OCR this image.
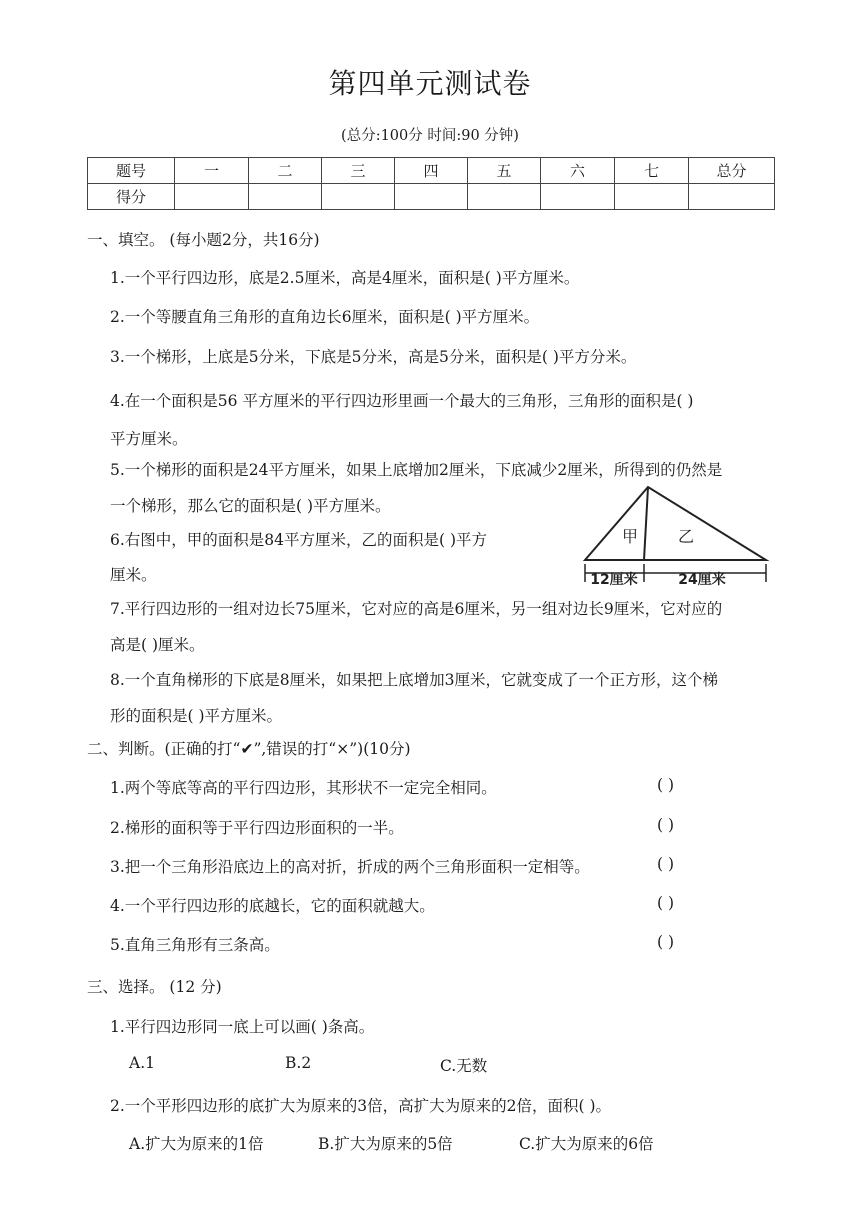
第四单元测试卷
(总分:100分 时间:90 分钟)
题号	一	二	三	四	五	六	七	总分
得分								
一、填空。 (每小题2分，共16分)
1.一个平行四边形，底是2.5厘米，高是4厘米，面积是( )平方厘米。
2.一个等腰直角三角形的直角边长6厘米，面积是( )平方厘米。
3.一个梯形，上底是5分米，下底是5分米，高是5分米，面积是( )平方分米。
4.在一个面积是56 平方厘米的平行四边形里画一个最大的三角形，三角形的面积是( )
平方厘米。
5.一个梯形的面积是24平方厘米，如果上底增加2厘米，下底减少2厘米，所得到的仍然是
一个梯形，那么它的面积是( )平方厘米。
6.右图中，甲的面积是84平方厘米，乙的面积是( )平方
厘米。
甲 乙
12厘米	24厘米
7.平行四边形的一组对边长75厘米，它对应的高是6厘米，另一组对边长9厘米，它对应的
高是( )厘米。
8.一个直角梯形的下底是8厘米，如果把上底增加3厘米，它就变成了一个正方形，这个梯
形的面积是( )平方厘米。
二、判断。(正确的打“✔”,错误的打“×”)(10分)
1.两个等底等高的平行四边形，其形状不一定完全相同。	( )
2.梯形的面积等于平行四边形面积的一半。	( )
3.把一个三角形沿底边上的高对折，折成的两个三角形面积一定相等。	( )
4.一个平行四边形的底越长，它的面积就越大。	( )
5.直角三角形有三条高。	( )
三、选择。 (12 分)
1.平行四边形同一底上可以画( )条高。
A.1	B.2	C.无数
2.一个平形四边形的底扩大为原来的3倍，高扩大为原来的2倍，面积( )。
A.扩大为原来的1倍	B.扩大为原来的5倍	C.扩大为原来的6倍
